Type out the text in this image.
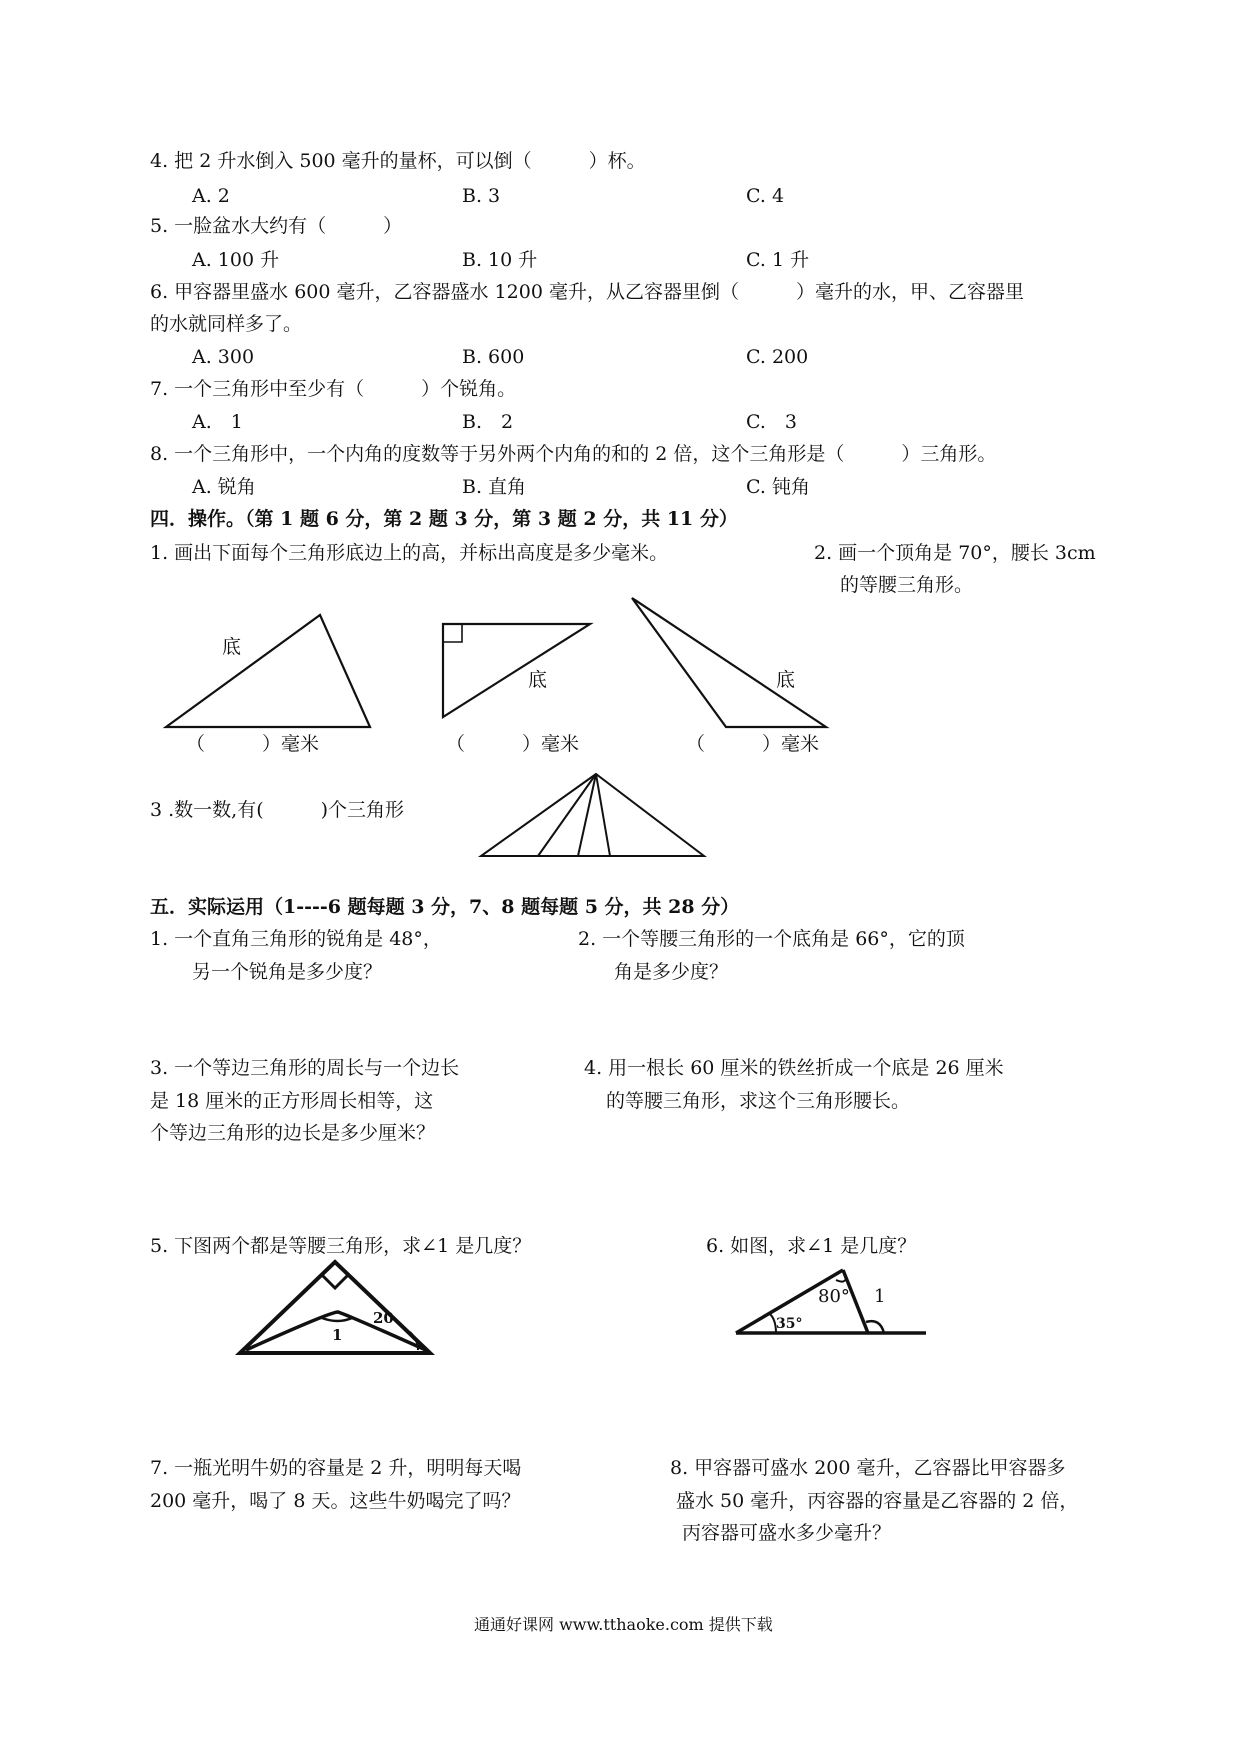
4. 把 2 升水倒入 500 毫升的量杯，可以倒（　　　）杯。
A. 2	B. 3	C. 4
5. 一脸盆水大约有（　　　）
A. 100 升	B. 10 升	C. 1 升
6. 甲容器里盛水 600 毫升，乙容器盛水 1200 毫升，从乙容器里倒（　　　）毫升的水，甲、乙容器里
的水就同样多了。
A. 300	B. 600	C. 200
7. 一个三角形中至少有（　　　）个锐角。
A.　1	B.　2	C.　3
8. 一个三角形中，一个内角的度数等于另外两个内角的和的 2 倍，这个三角形是（　　　）三角形。
A. 锐角	B. 直角	C. 钝角
四．操作。（第 1 题 6 分，第 2 题 3 分，第 3 题 2 分，共 11 分）
1. 画出下面每个三角形底边上的高，并标出高度是多少毫米。	2. 画一个顶角是 70°，腰长 3cm
的等腰三角形。
底
底	底
（　　　）毫米	（　　　）毫米	（　　　）毫米
3 .数一数,有(　　　)个三角形
五．实际运用（1----6 题每题 3 分，7、8 题每题 5 分，共 28 分）
1. 一个直角三角形的锐角是 48°，
另一个锐角是多少度？
2. 一个等腰三角形的一个底角是 66°，它的顶
角是多少度？
3. 一个等边三角形的周长与一个边长
是 18 厘米的正方形周长相等，这
个等边三角形的边长是多少厘米？
4. 用一根长 60 厘米的铁丝折成一个底是 26 厘米
的等腰三角形，求这个三角形腰长。
5. 下图两个都是等腰三角形，求∠1 是几度？
20
1
6. 如图，求∠1 是几度？
80° 1
35°
7. 一瓶光明牛奶的容量是 2 升，明明每天喝
200 毫升，喝了 8 天。这些牛奶喝完了吗？
8. 甲容器可盛水 200 毫升，乙容器比甲容器多
盛水 50 毫升，丙容器的容量是乙容器的 2 倍，
丙容器可盛水多少毫升？
通通好课网 www.tthaoke.com 提供下载
